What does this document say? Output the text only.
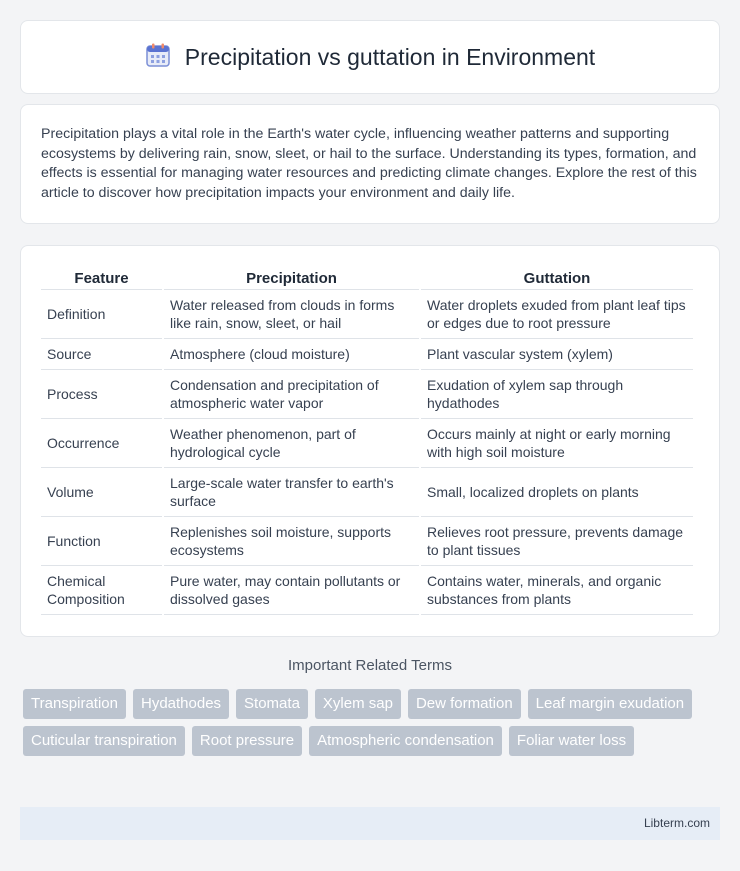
Precipitation vs guttation in Environment

Precipitation plays a vital role in the Earth's water cycle, influencing weather patterns and supporting ecosystems by delivering rain, snow, sleet, or hail to the surface. Understanding its types, formation, and effects is essential for managing water resources and predicting climate changes. Explore the rest of this article to discover how precipitation impacts your environment and daily life.

Feature	Precipitation	Guttation
Definition	Water released from clouds in forms like rain, snow, sleet, or hail	Water droplets exuded from plant leaf tips or edges due to root pressure
Source	Atmosphere (cloud moisture)	Plant vascular system (xylem)
Process	Condensation and precipitation of atmospheric water vapor	Exudation of xylem sap through hydathodes
Occurrence	Weather phenomenon, part of hydrological cycle	Occurs mainly at night or early morning with high soil moisture
Volume	Large-scale water transfer to earth's surface	Small, localized droplets on plants
Function	Replenishes soil moisture, supports ecosystems	Relieves root pressure, prevents damage to plant tissues
Chemical Composition	Pure water, may contain pollutants or dissolved gases	Contains water, minerals, and organic substances from plants
Important Related Terms
Transpiration	Hydathodes	Stomata	Xylem sap	Dew formation	Leaf margin exudation
Cuticular transpiration	Root pressure	Atmospheric condensation	Foliar water loss
Libterm.com
